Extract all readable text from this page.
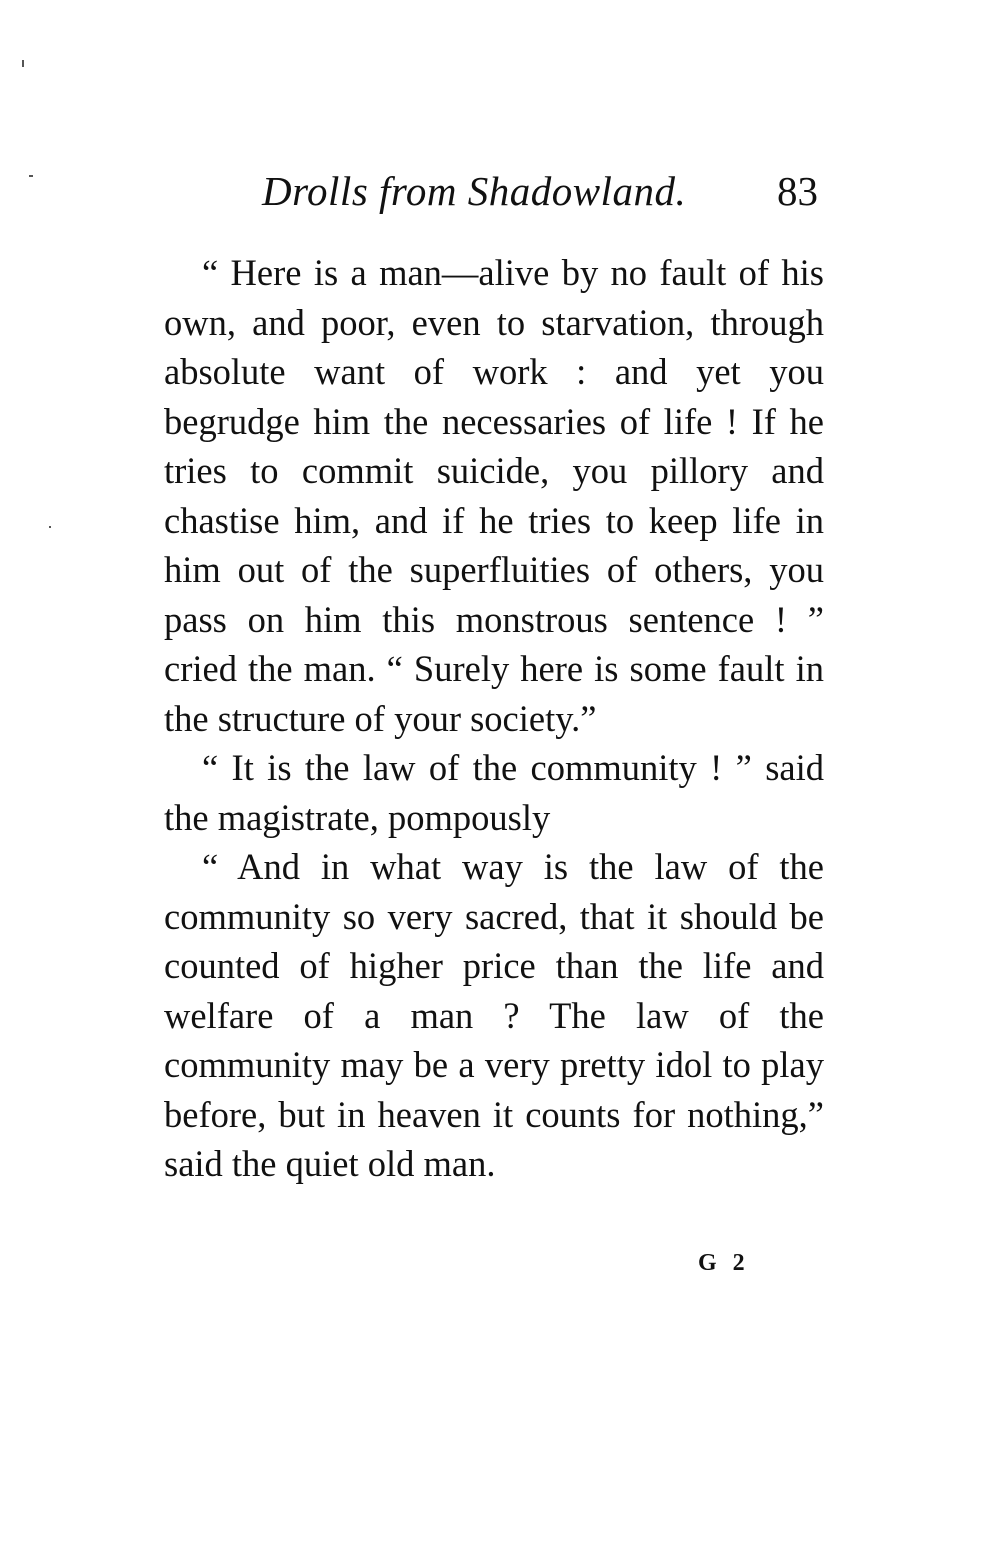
Drolls from Shadowland. 83

“ Here is a man—alive by no fault of his own, and poor, even to starvation, through absolute want of work : and yet you begrudge him the necessaries of life ! If he tries to commit suicide, you pillory and chastise him, and if he tries to keep life in him out of the superfluities of others, you pass on him this monstrous sentence ! ” cried the man. “ Surely here is some fault in the structure of your society.”

“ It is the law of the community ! ” said the magistrate, pompously

“ And in what way is the law of the community so very sacred, that it should be counted of higher price than the life and welfare of a man ? The law of the community may be a very pretty idol to play before, but in heaven it counts for nothing,” said the quiet old man.

G 2
